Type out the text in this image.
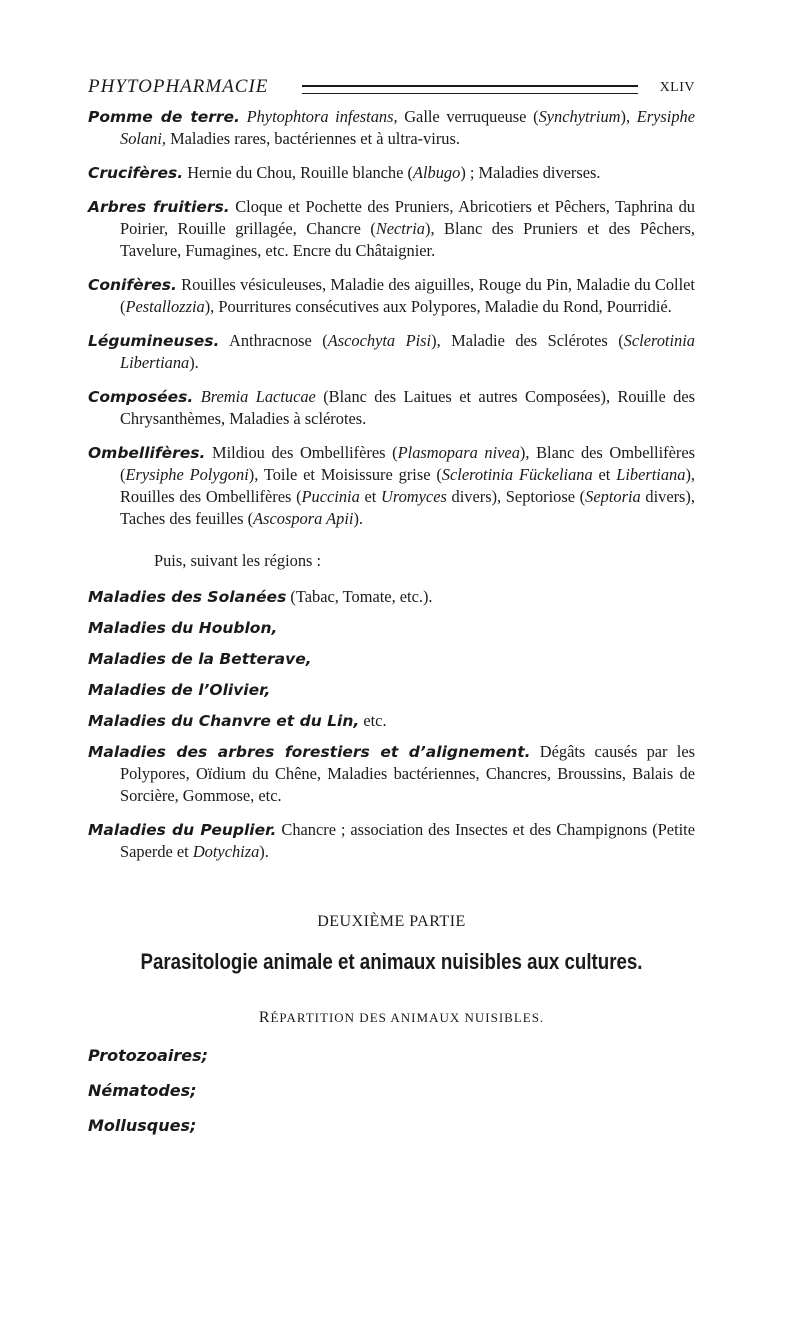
PHYTOPHARMACIE	XLIV

Pomme de terre. Phytophtora infestans, Galle verruqueuse (Synchytrium), Erysiphe Solani, Maladies rares, bactériennes et à ultra-virus.

Crucifères. Hernie du Chou, Rouille blanche (Albugo) ; Maladies diverses.

Arbres fruitiers. Cloque et Pochette des Pruniers, Abricotiers et Pêchers, Taphrina du Poirier, Rouille grillagée, Chancre (Nectria), Blanc des Pruniers et des Pêchers, Tavelure, Fumagines, etc. Encre du Châtaignier.

Conifères. Rouilles vésiculeuses, Maladie des aiguilles, Rouge du Pin, Maladie du Collet (Pestallozzia), Pourritures consécutives aux Polypores, Maladie du Rond, Pourridié.

Légumineuses. Anthracnose (Ascochyta Pisi), Maladie des Sclérotes (Sclerotinia Libertiana).

Composées. Bremia Lactucae (Blanc des Laitues et autres Composées), Rouille des Chrysanthèmes, Maladies à sclérotes.

Ombellifères. Mildiou des Ombellifères (Plasmopara nivea), Blanc des Ombellifères (Erysiphe Polygoni), Toile et Moisissure grise (Sclerotinia Fückeliana et Libertiana), Rouilles des Ombellifères (Puccinia et Uromyces divers), Septoriose (Septoria divers), Taches des feuilles (Ascospora Apii).

Puis, suivant les régions :

Maladies des Solanées (Tabac, Tomate, etc.).

Maladies du Houblon,

Maladies de la Betterave,

Maladies de l’Olivier,

Maladies du Chanvre et du Lin, etc.

Maladies des arbres forestiers et d’alignement. Dégâts causés par les Polypores, Oïdium du Chêne, Maladies bactériennes, Chancres, Broussins, Balais de Sorcière, Gommose, etc.

Maladies du Peuplier. Chancre ; association des Insectes et des Champignons (Petite Saperde et Dotychiza).

DEUXIÈME PARTIE
Parasitologie animale et animaux nuisibles aux cultures.
RÉPARTITION DES ANIMAUX NUISIBLES.
Protozoaires;
Nématodes;
Mollusques;
